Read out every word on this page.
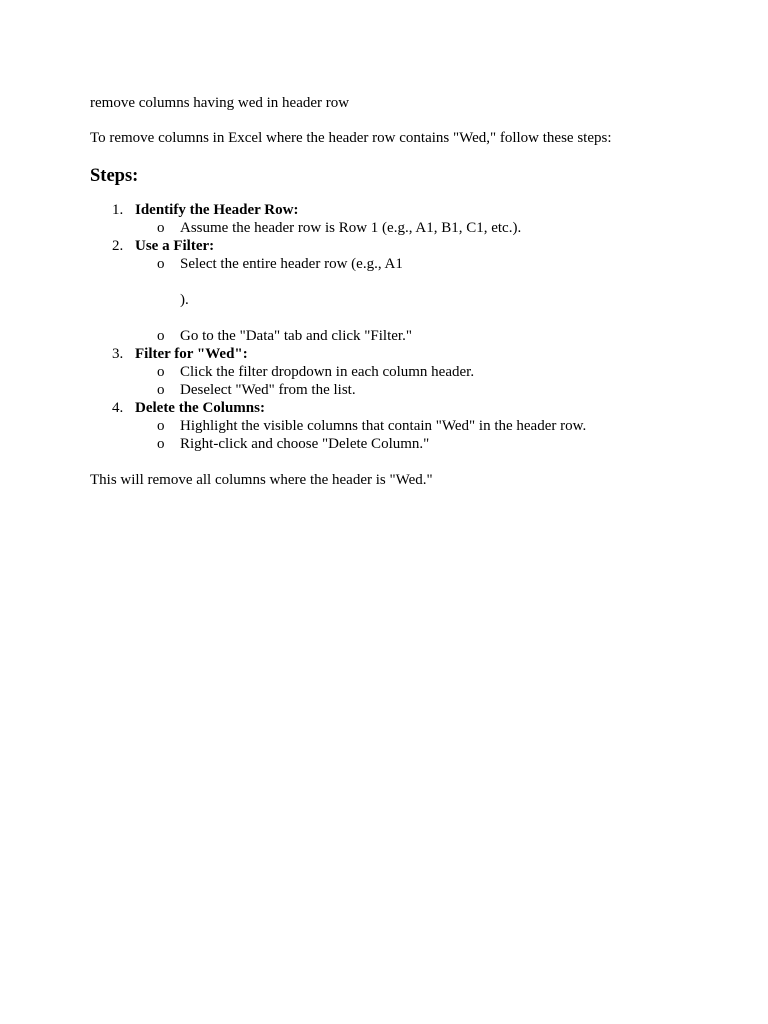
remove columns having wed in header row

To remove columns in Excel where the header row contains "Wed," follow these steps:

Steps:
1. Identify the Header Row:
o Assume the header row is Row 1 (e.g., A1, B1, C1, etc.).
2. Use a Filter:
o Select the entire header row (e.g., A1
).
o Go to the "Data" tab and click "Filter."
3. Filter for "Wed":
o Click the filter dropdown in each column header.
o Deselect "Wed" from the list.
4. Delete the Columns:
o Highlight the visible columns that contain "Wed" in the header row.
o Right-click and choose "Delete Column."

This will remove all columns where the header is "Wed."
